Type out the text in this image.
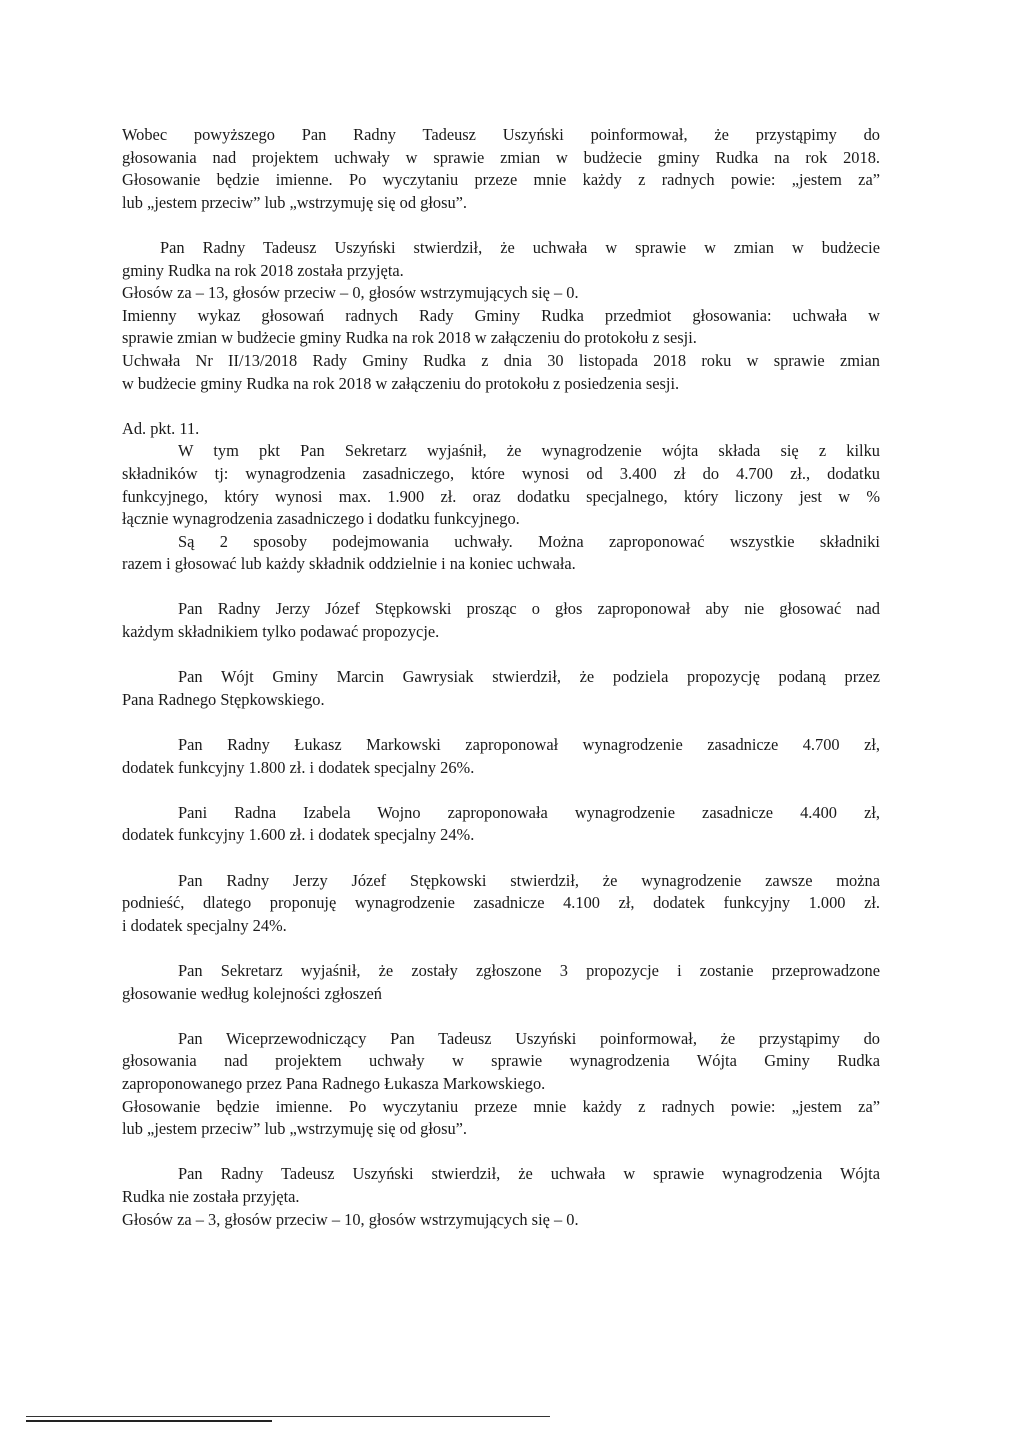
Wobec powyższego Pan Radny Tadeusz Uszyński poinformował, że przystąpimy do
głosowania nad projektem uchwały w sprawie zmian w budżecie gminy Rudka na rok 2018.
Głosowanie będzie imienne. Po wyczytaniu przeze mnie każdy z radnych powie: „jestem za”
lub „jestem przeciw” lub „wstrzymuję się od głosu”.

Pan Radny Tadeusz Uszyński stwierdził, że uchwała w sprawie w zmian w budżecie
gminy Rudka na rok 2018 została przyjęta.
Głosów za – 13, głosów przeciw – 0, głosów wstrzymujących się – 0.
Imienny wykaz głosowań radnych Rady Gminy Rudka przedmiot głosowania: uchwała w
sprawie zmian w budżecie gminy Rudka na rok 2018 w załączeniu do protokołu z sesji.
Uchwała Nr II/13/2018 Rady Gminy Rudka z dnia 30 listopada 2018 roku w sprawie zmian
w budżecie gminy Rudka na rok 2018 w załączeniu do protokołu z posiedzenia sesji.

Ad. pkt. 11.
W tym pkt Pan Sekretarz wyjaśnił, że wynagrodzenie wójta składa się z kilku
składników tj: wynagrodzenia zasadniczego, które wynosi od 3.400 zł do 4.700 zł., dodatku
funkcyjnego, który wynosi max. 1.900 zł. oraz dodatku specjalnego, który liczony jest w %
łącznie wynagrodzenia zasadniczego i dodatku funkcyjnego.
Są 2 sposoby podejmowania uchwały. Można zaproponować wszystkie składniki
razem i głosować lub każdy składnik oddzielnie i na koniec uchwała.

Pan Radny Jerzy Józef Stępkowski prosząc o głos zaproponował aby nie głosować nad
każdym składnikiem tylko podawać propozycje.

Pan Wójt Gminy Marcin Gawrysiak stwierdził, że podziela propozycję podaną przez
Pana Radnego Stępkowskiego.

Pan Radny Łukasz Markowski zaproponował wynagrodzenie zasadnicze 4.700 zł,
dodatek funkcyjny 1.800 zł. i dodatek specjalny 26%.

Pani Radna Izabela Wojno zaproponowała wynagrodzenie zasadnicze 4.400 zł,
dodatek funkcyjny 1.600 zł. i dodatek specjalny 24%.

Pan Radny Jerzy Józef Stępkowski stwierdził, że wynagrodzenie zawsze można
podnieść, dlatego proponuję wynagrodzenie zasadnicze 4.100 zł, dodatek funkcyjny 1.000 zł.
i dodatek specjalny 24%.

Pan Sekretarz wyjaśnił, że zostały zgłoszone 3 propozycje i zostanie przeprowadzone
głosowanie według kolejności zgłoszeń

Pan Wiceprzewodniczący Pan Tadeusz Uszyński poinformował, że przystąpimy do
głosowania nad projektem uchwały w sprawie wynagrodzenia Wójta Gminy Rudka
zaproponowanego przez Pana Radnego Łukasza Markowskiego.
Głosowanie będzie imienne. Po wyczytaniu przeze mnie każdy z radnych powie: „jestem za”
lub „jestem przeciw” lub „wstrzymuję się od głosu”.

Pan Radny Tadeusz Uszyński stwierdził, że uchwała w sprawie wynagrodzenia Wójta
Rudka nie została przyjęta.
Głosów za – 3, głosów przeciw – 10, głosów wstrzymujących się – 0.
